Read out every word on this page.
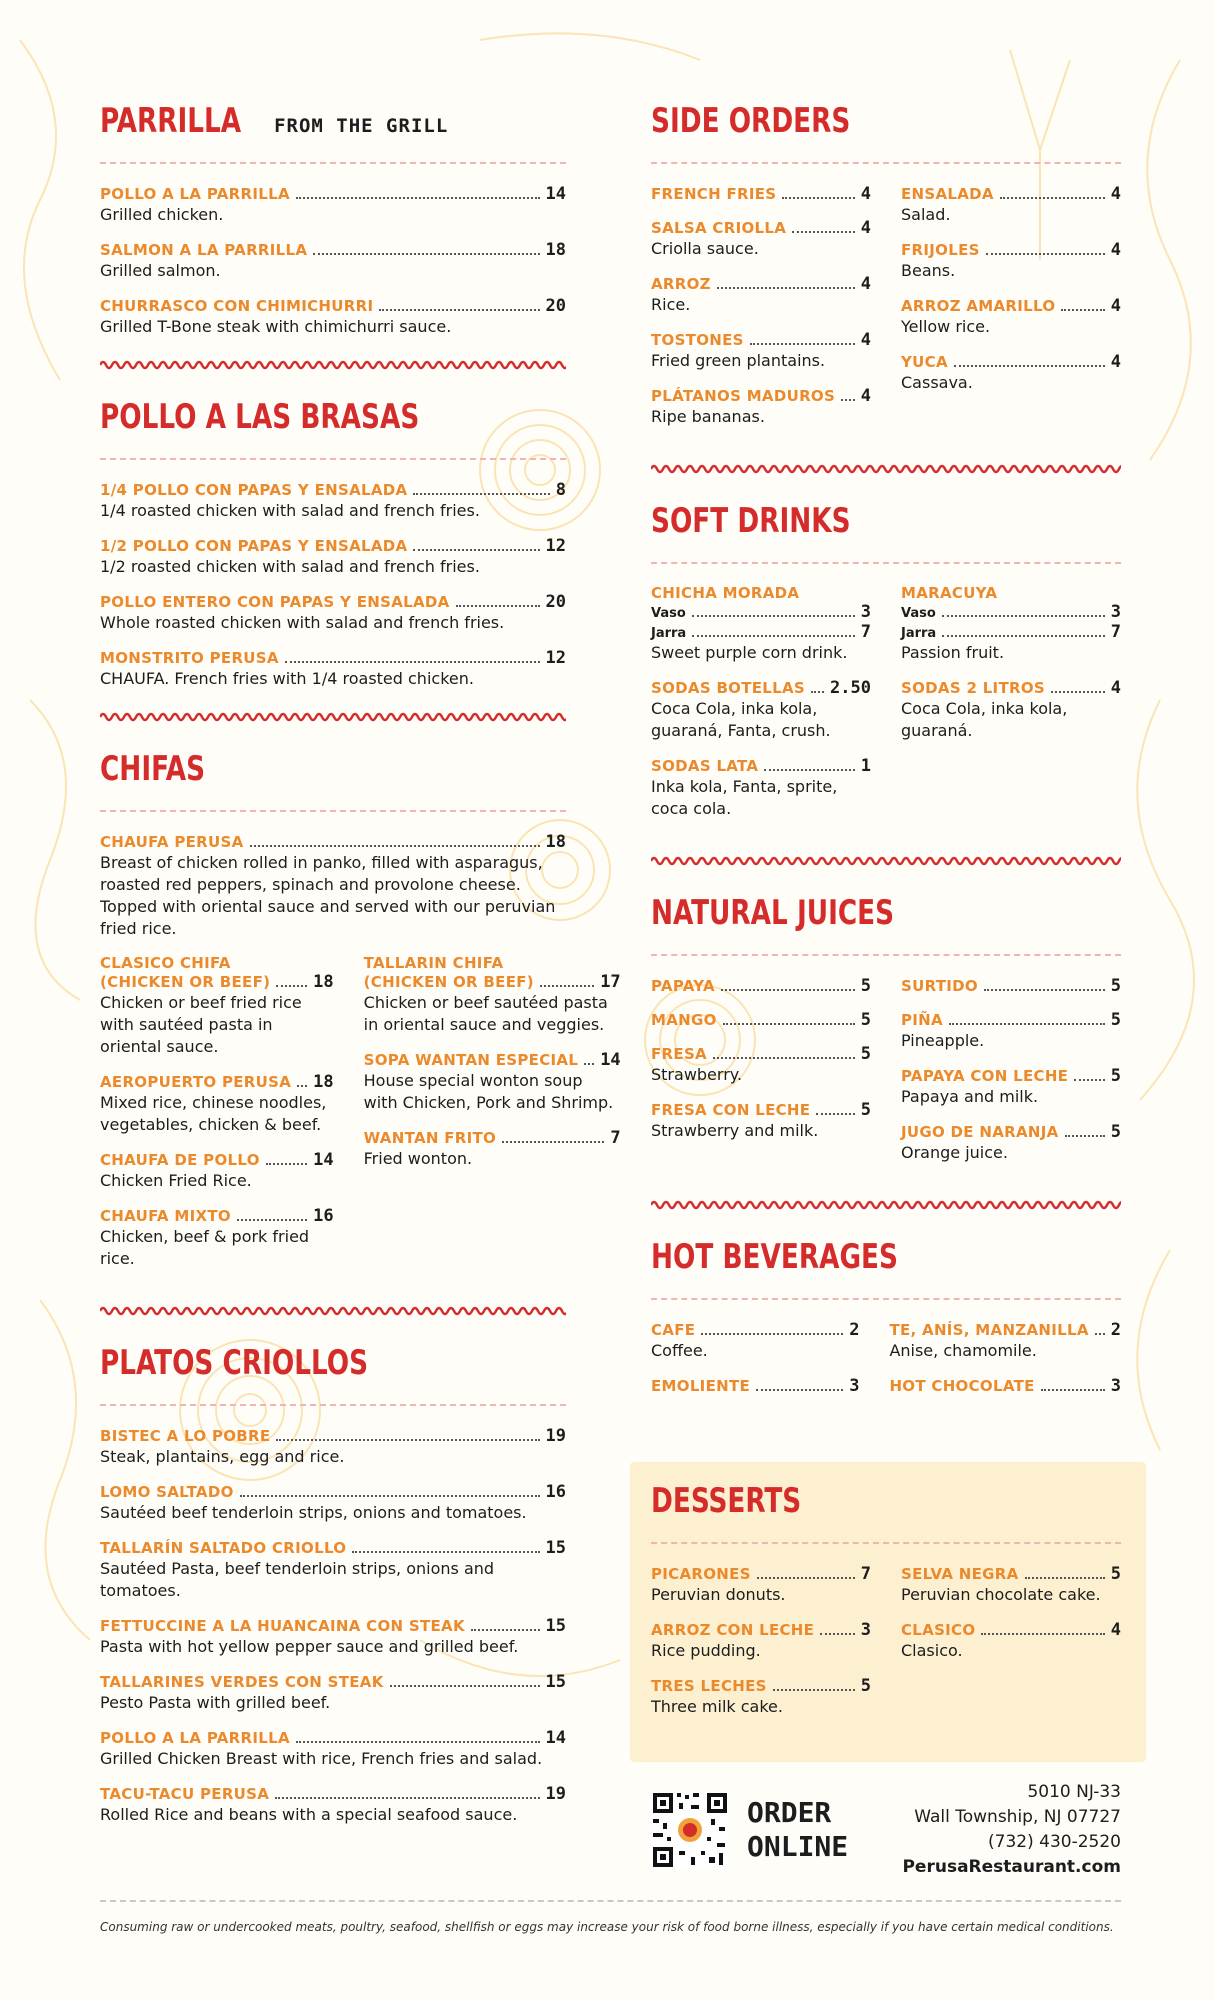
PARRILLA FROM THE GRILL
POLLO A LA PARRILLA	14
Grilled chicken.
SALMON A LA PARRILLA	18
Grilled salmon.
CHURRASCO CON CHIMICHURRI	20
Grilled T-Bone steak with chimichurri sauce.
POLLO A LAS BRASAS
1/4 POLLO CON PAPAS Y ENSALADA	8
1/4 roasted chicken with salad and french fries.
1/2 POLLO CON PAPAS Y ENSALADA	12
1/2 roasted chicken with salad and french fries.
POLLO ENTERO CON PAPAS Y ENSALADA	20
Whole roasted chicken with salad and french fries.
MONSTRITO PERUSA	12
CHAUFA. French fries with 1/4 roasted chicken.
CHIFAS
CHAUFA PERUSA	18
Breast of chicken rolled in panko, filled with asparagus, roasted red peppers, spinach and provolone cheese. Topped with oriental sauce and served with our peruvian fried rice.
CLASICO CHIFA
(CHICKEN OR BEEF)	18
Chicken or beef fried rice with sautéed pasta in oriental sauce.
AEROPUERTO PERUSA 18
Mixed rice, chinese noodles, vegetables, chicken & beef.
CHAUFA DE POLLO	14
Chicken Fried Rice.
CHAUFA MIXTO	16
Chicken, beef & pork fried rice.
TALLARIN CHIFA
(CHICKEN OR BEEF)	17
Chicken or beef sautéed pasta in oriental sauce and veggies.
SOPA WANTAN ESPECIAL 14
House special wonton soup with Chicken, Pork and Shrimp.
WANTAN FRITO	7
Fried wonton.
PLATOS CRIOLLOS
BISTEC A LO POBRE	19
Steak, plantains, egg and rice.
LOMO SALTADO	16
Sautéed beef tenderloin strips, onions and tomatoes.
TALLARÍN SALTADO CRIOLLO	15
Sautéed Pasta, beef tenderloin strips, onions and tomatoes.
FETTUCCINE A LA HUANCAINA CON STEAK	15
Pasta with hot yellow pepper sauce and grilled beef.
TALLARINES VERDES CON STEAK	15
Pesto Pasta with grilled beef.
POLLO A LA PARRILLA	14
Grilled Chicken Breast with rice, French fries and salad.
TACU-TACU PERUSA	19
Rolled Rice and beans with a special seafood sauce.
SIDE ORDERS
FRENCH FRIES	4
SALSA CRIOLLA	4
Criolla sauce.
ARROZ	4
Rice.
TOSTONES	4
Fried green plantains.
PLÁTANOS MADUROS 4
Ripe bananas.
ENSALADA	4
Salad.
FRIJOLES	4
Beans.
ARROZ AMARILLO	4
Yellow rice.
YUCA	4
Cassava.
SOFT DRINKS
CHICHA MORADA
Vaso	3
Jarra	7
Sweet purple corn drink.
SODAS BOTELLAS 2.50
Coca Cola, inka kola, guaraná, Fanta, crush.
SODAS LATA	1
Inka kola, Fanta, sprite, coca cola.
MARACUYA
Vaso	3
Jarra	7
Passion fruit.
SODAS 2 LITROS	4
Coca Cola, inka kola, guaraná.
NATURAL JUICES
PAPAYA	5
MANGO	5
FRESA	5
Strawberry.
FRESA CON LECHE	5
Strawberry and milk.
SURTIDO	5
PIÑA	5
Pineapple.
PAPAYA CON LECHE	5
Papaya and milk.
JUGO DE NARANJA	5
Orange juice.
HOT BEVERAGES
CAFE	2
Coffee.
EMOLIENTE	3
TE, ANÍS, MANZANILLA 2
Anise, chamomile.
HOT CHOCOLATE	3
DESSERTS
PICARONES	7
Peruvian donuts.
ARROZ CON LECHE	3
Rice pudding.
TRES LECHES	5
Three milk cake.
SELVA NEGRA	5
Peruvian chocolate cake.
CLASICO	4
Clasico.
ORDER
ONLINE
5010 NJ-33
Wall Township, NJ 07727
(732) 430-2520
PerusaRestaurant.com
Consuming raw or undercooked meats, poultry, seafood, shellfish or eggs may increase your risk of food borne illness, especially if you have certain medical conditions.
